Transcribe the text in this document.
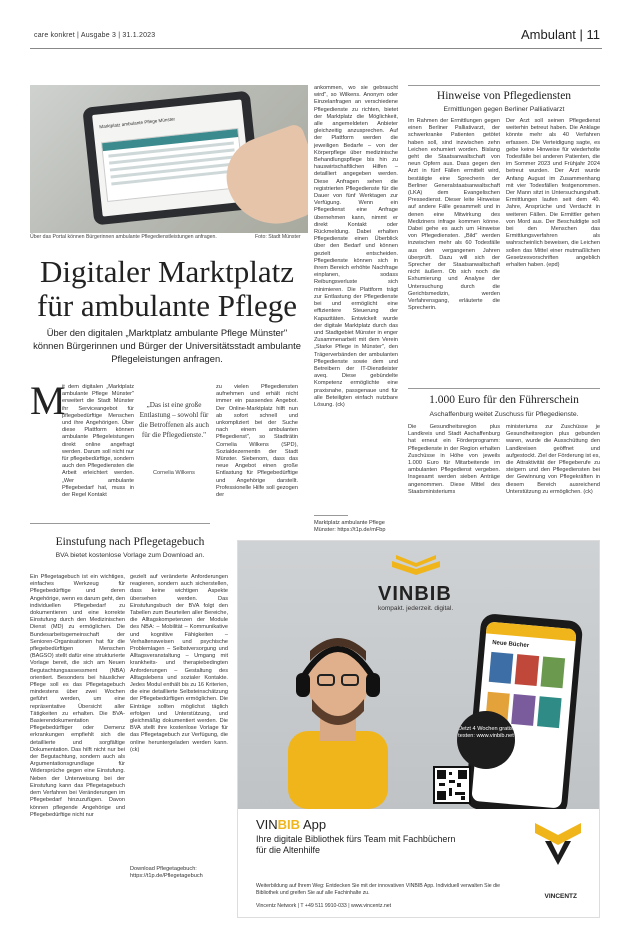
care konkret | Ausgabe 3 | 31.1.2023	Ambulant | 11
Marktplatz ambulante Pflege Münster
Über das Portal können Bürgerinnen ambulante Pflegedienstleistungen anfragen.	Foto: Stadt Münster
Digitaler Marktplatz
für ambulante Pflege
Über den digitalen „Marktplatz ambulante Pflege Münster" können Bürgerinnen und Bürger der Universitätsstadt ambulante Pflegeleistungen anfragen.
M

it dem digitalen „Marktplatz ambulante Pflege Münster" erweitert die Stadt Münster ihr Serviceangebot für pflegebedürftige Menschen und ihre Angehörigen. Über diese Plattform können ambulante Pflegeleistungen direkt online angefragt werden. Darum soll nicht nur für pflegebedürftige, sondern auch den Pflegediensten die Arbeit erleichtert werden. „Wer ambulante Pflegebedarf hat, muss in der Regel Kontakt

„Das ist eine große Entlastung – sowohl für die Betroffenen als auch für die Pflegedienste."
Cornelia Wilkens

zu vielen Pflegediensten aufnehmen und erhält nicht immer ein passendes Angebot. Der Online-Marktplatz hilft nun ab sofort schnell und unkompliziert bei der Suche nach einem ambulanten Pflegedienst", so Stadträtin Cornelia Wilkens (SPD), Sozialdezernentin der Stadt Münster. Siebenorn, dass das neue Angebot einen große Entlastung für Pflegebedürftige und Angehörige darstellt. Professionelle Hilfe soll gezogen der

ankommen, wo sie gebraucht wird", so Wilkens. Anonym oder Einzelanfragen an verschiedene Pflegedienste zu richten, bietet der Marktplatz die Möglichkeit, alle angemeldeten Anbieter gleichzeitig anzusprechen. Auf der Plattform werden die jeweiligen Bedarfe – von der Körperpflege über medizinische Behandlungspflege bis hin zu hauswirtschaftlichen Hilfen – detailliert angegeben werden. Diese Anfragen sehen die registrierten Pflegedienste für die Dauer von fünf Werktagen zur Verfügung. Wenn ein Pflegedienst eine Anfrage übernehmen kann, nimmt er direkt Kontakt oder Rückmeldung. Dabei erhalten Pflegedienste einen Überblick über den Bedarf und können gezielt entscheiden. Pflegedienste können sich in ihrem Bereich erhöhte Nachfrage einplanen, sodass Reibungsverluste sich minimieren. Die Plattform trägt zur Entlastung der Pflegedienste bei und ermöglicht eine effizientere Steuerung der Kapazitäten. Entwickelt wurde der digitale Marktplatz durch das und Stadtgebiet Münster in enger Zusammenarbeit mit dem Verein „Starke Pflege in Münster", den Trägerverbänden der ambulanten Pflegedienste sowie dem und Betreibern der IT-Dienstleister aveq. Diese gebündelte Kompetenz ermöglichte eine praxisnahe, passgenaue und für alle Beteiligten einfach nutzbare Lösung. (ck)

Marktplatz ambulante Pflege Münster: https://t1p.de/mFbp
Hinweise von Pflegediensten
Ermittlungen gegen Berliner Palliativarzt

Im Rahmen der Ermittlungen gegen einen Berliner Palliativarzt, der schwerkranke Patienten getötet haben soll, sind inzwischen zehn Leichen exhumiert worden. Bislang geht die Staatsanwaltschaft von neun Opfern aus. Dass gegen den Arzt in fünf Fällen ermittelt wird, bestätigte eine Sprecherin der Berliner Generalstaatsanwaltschaft (LKA) dem Evangelischen Pressedienst. Dieser leite Hinweise auf andere Fälle gesammelt und in denen eine Mitwirkung des Mediziners infrage kommen könne. Dabei gehe es auch um Hinweise von Pflegediensten. „Bild" werden inzwischen mehr als 60 Todesfälle aus den vergangenen Jahren überprüft. Dazu will sich der Sprecher der Staatsanwaltschaft nicht äußern. Ob sich noch die Exhumierung und Analyse der Untersuchung durch die Gerichtsmedizin, werden Verfahrensgang, erläuterte die Sprecherin.

Der Arzt soll seinen Pflegedienst weiterhin betreut haben. Die Anklage könnte mehr als 40 Verfahren erfassen. Die Verteidigung sagte, es gebe keine Hinweise für wiederholte Todesfälle bei anderen Patienten, die im Sommer 2023 und Frühjahr 2024 betreut wurden. Der Arzt wurde Anfang August im Zusammenhang mit vier Todesfällen festgenommen. Der Mann sitzt in Untersuchungshaft. Ermittlungen laufen seit dem 40. Jahre, Ansprüche und Verdacht in weiteren Fällen. Die Ermittler gehen von Mord aus. Der Beschuldigte soll bei den Menschen das Ermittlungsverfahren als wahrscheinlich beweisen, die Leichen sollen das Mittel einer mutmaßlichen Gesetzesvorschriften angeblich erhalten haben. (epd)

1.000 Euro für den Führerschein
Aschaffenburg weitet Zuschuss für Pflegedienste.

Die Gesundheitsregion plus Landkreis und Stadt Aschaffenburg hat erneut ein Förderprogramm: Pflegedienste in der Region erhalten Zuschüsse in Höhe von jeweils 1.000 Euro für Mitarbeitende im ambulanten Pflegedienst vergeben. Insgesamt werden sieben Anträge angenommen. Diese Mittel des Staatsministeriums

ministeriums zur Zuschüsse je Gesundheitsregion plus gebunden waren, wurde die Ausschüttung den Landkreisen geöffnet und aufgestockt. Ziel der Förderung ist es, die Attraktivität der Pflegeberufe zu steigern und den Pflegediensten bei der Gewinnung von Pflegekräften in diesem Bereich ausreichend Unterstützung zu ermöglichen. (ck)

Einstufung nach Pflegetagebuch
BVA bietet kostenlose Vorlage zum Download an.

Ein Pflegetagebuch ist ein wichtiges, einfaches Werkzeug für Pflegebedürftige und deren Angehörige, wenn es darum geht, den individuellen Pflegebedarf zu dokumentieren und eine korrekte Einstufung durch den Medizinischen Dienst (MD) zu ermöglichen. Die Bundesarbeitsgemeinschaft der Senioren-Organisationen hat für die pflegebedürftigen Menschen (BAGSO) stellt dafür eine strukturierte Vorlage bereit, die sich am Neuen Begutachtungsassessment (NBA) orientiert. Besonders bei häuslicher Pflege soll es das Pflegetagebuch mindestens über zwei Wochen geführt werden, um eine repräsentative Übersicht aller Tätigkeiten zu erhalten. Die BVA-Basierendokumentation Pflegebedürftiger oder Demenz erkrankungen empfiehlt sich die detaillierte und sorgfältige Dokumentation. Das hilft nicht nur bei der Begutachtung, sondern auch als Argumentationsgrundlage für Widersprüche gegen eine Einstufung. Neben der Unterweisung bei der Einstufung kann das Pflegetagebuch dem Verfahren bei Veränderungen im Pflegebedarf hinzuzufügen. Davon können pflegende Angehörige und Pflegebedürftige nicht nur

gezielt auf veränderte Anforderungen reagieren, sondern auch sicherstellen, dass keine wichtigen Aspekte übersehen werden. Das Einstufungsbuch der BVA folgt den Tabellen zum Beurteilen aller Bereiche, die Alltagskompetenzen der Module des NBA: – Mobilität – Kommunikative und kognitive Fähigkeiten – Verhaltensweisen und psychische Problemlagen – Selbstversorgung und Alltagsveranstaltung – Umgang mit krankheits- und therapiebedingten Anforderungen – Gestaltung des Alltagslebens und sozialer Kontakte. Jedes Modul enthält bis zu 16 Kriterien, die eine detaillierte Selbsteinschätzung der Pflegebedürftigen ermöglichen. Die Einträge sollten möglichst täglich erfolgen und Unterstützung, und gleichmäßig dokumentiert werden. Die BVA stellt ihre kostenlose Vorlage für das Pflegetagebuch zur Verfügung, die online heruntergeladen werden kann. (ck)

Download Pflegetagebuch: https://t1p.de/Pflegetagebuch
VINBIB
kompakt. jederzeit. digital.
Neue Bücher
Jetzt 4 Wochen gratis testen: www.vinbib.net
VINBIB App
Ihre digitale Bibliothek fürs Team mit Fachbüchern für die Altenhilfe
Weiterbildung auf Ihrem Weg: Entdecken Sie mit der innovativen VINBIB App. Individuell verwalten Sie die Bibliothek und greifen Sie auf alle Fachinhalte zu.
Vincentz Network | T +49 511 9910-033 | www.vincentz.net
VINCENTZ
